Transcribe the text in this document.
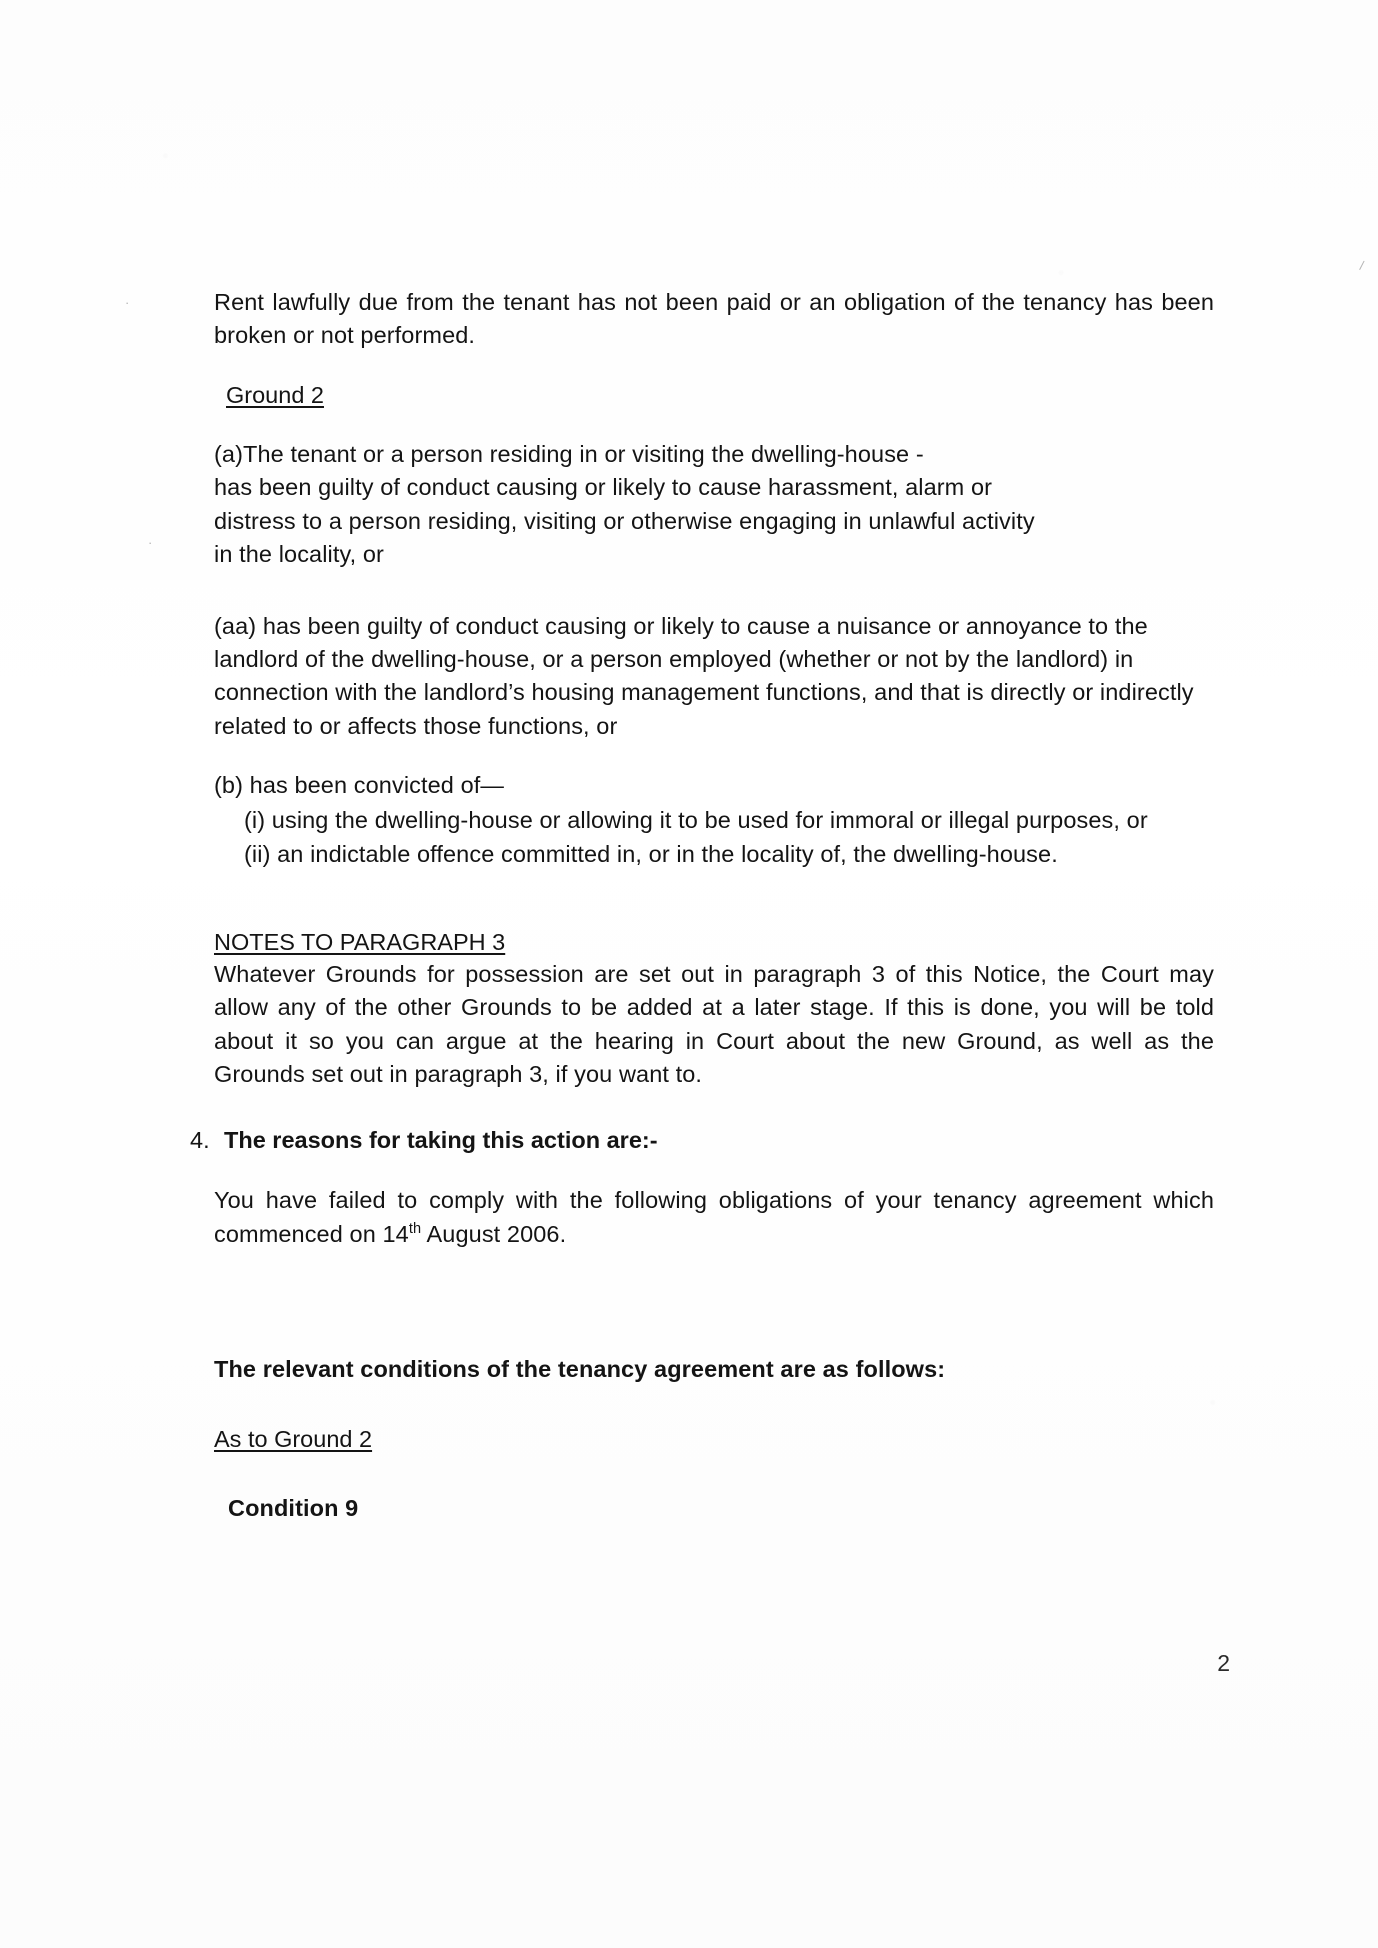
/
·
·	Rent lawfully due from the tenant has not been paid or an obligation of the tenancy has been broken or not performed.

Ground 2

(a)The tenant or a person residing in or visiting the dwelling-house -

has been guilty of conduct causing or likely to cause harassment, alarm or

distress to a person residing, visiting or otherwise engaging in unlawful activity

in the locality, or

(aa) has been guilty of conduct causing or likely to cause a nuisance or annoyance to the landlord of the dwelling-house, or a person employed (whether or not by the landlord) in connection with the landlord’s housing management functions, and that is directly or indirectly related to or affects those functions, or

(b) has been convicted of—

(i) using the dwelling-house or allowing it to be used for immoral or illegal purposes, or

(ii) an indictable offence committed in, or in the locality of, the dwelling-house.

NOTES TO PARAGRAPH 3

Whatever Grounds for possession are set out in paragraph 3 of this Notice, the Court may allow any of the other Grounds to be added at a later stage. If this is done, you will be told about it so you can argue at the hearing in Court about the new Ground, as well as the Grounds set out in paragraph 3, if you want to.

4. The reasons for taking this action are:-

You have failed to comply with the following obligations of your tenancy agreement which commenced on 14th August 2006.

The relevant conditions of the tenancy agreement are as follows:

As to Ground 2

Condition 9

2
